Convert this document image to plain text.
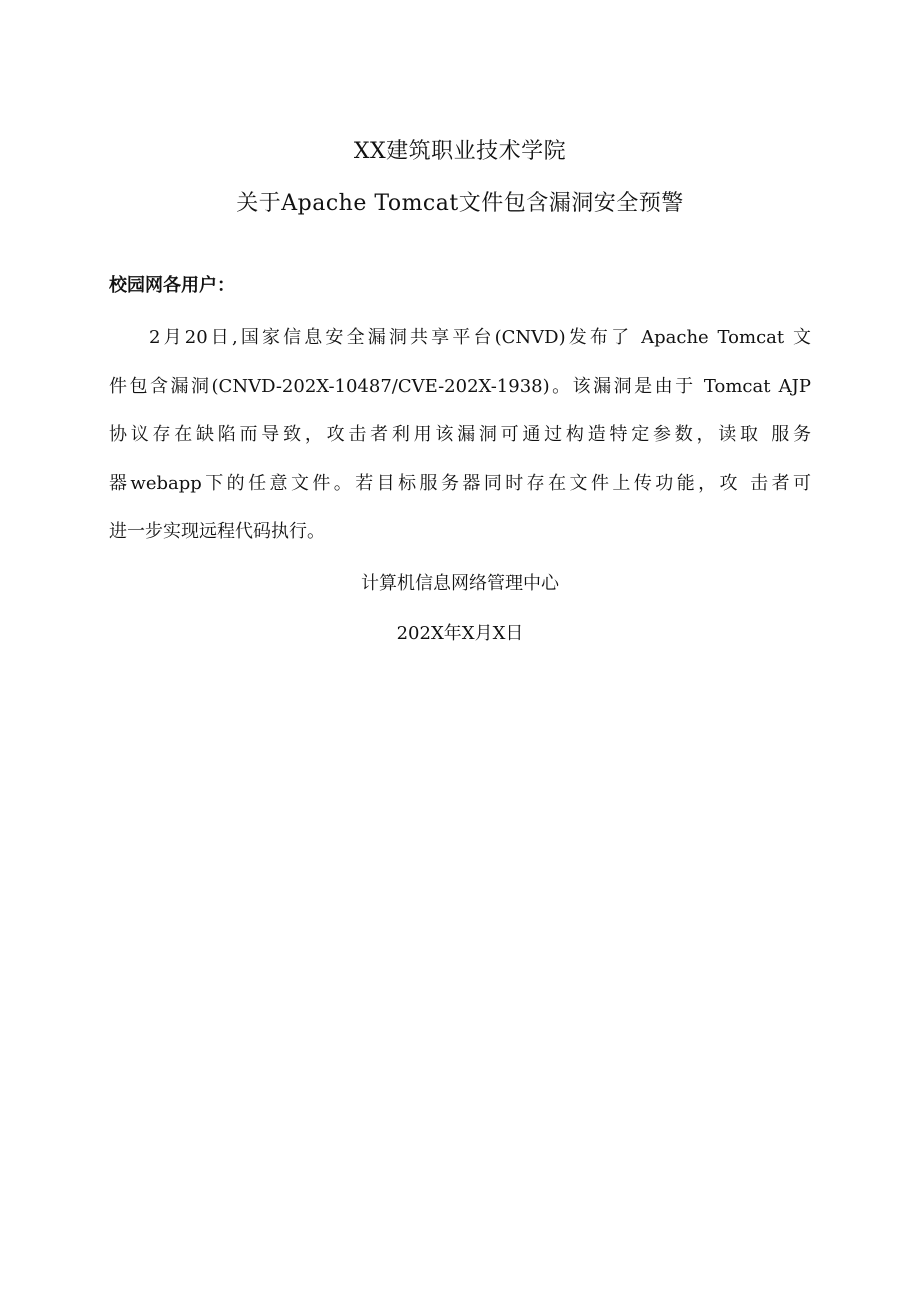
XX建筑职业技术学院
关于Apache Tomcat文件包含漏洞安全预警
校园网各用户：
2月20日,国家信息安全漏洞共享平台(CNVD)发布了 Apache Tomcat 文
件包含漏洞(CNVD-202X-10487/CVE-202X-1938)。该漏洞是由于 Tomcat AJP
协议存在缺陷而导致，攻击者利用该漏洞可通过构造特定参数，读取 服务
器webapp下的任意文件。若目标服务器同时存在文件上传功能，攻 击者可
进一步实现远程代码执行。
计算机信息网络管理中心
202X年X月X日
